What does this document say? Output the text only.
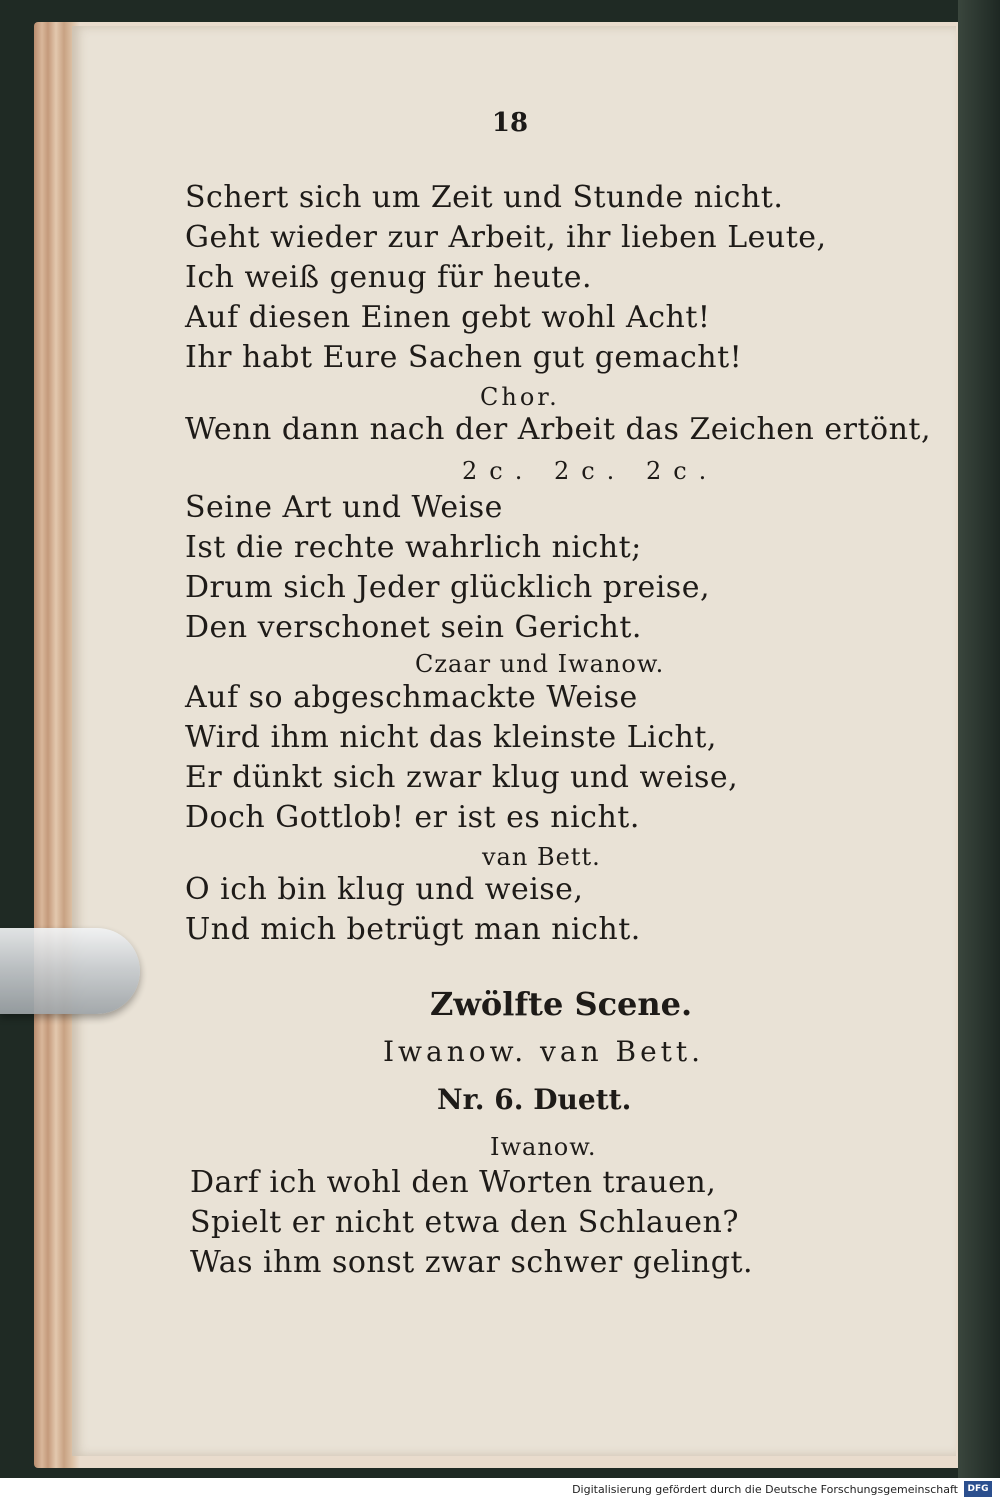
18
Schert sich um Zeit und Stunde nicht.
Geht wieder zur Arbeit, ihr lieben Leute,
Ich weiß genug für heute.
Auf diesen Einen gebt wohl Acht!
Ihr habt Eure Sachen gut gemacht!
Chor.
Wenn dann nach der Arbeit das Zeichen ertönt,
2c. 2c. 2c.
Seine Art und Weise
Ist die rechte wahrlich nicht;
Drum sich Jeder glücklich preise,
Den verschonet sein Gericht.
Czaar und Iwanow.
Auf so abgeschmackte Weise
Wird ihm nicht das kleinste Licht,
Er dünkt sich zwar klug und weise,
Doch Gottlob! er ist es nicht.
van Bett.
O ich bin klug und weise,
Und mich betrügt man nicht.
Zwölfte Scene.
Iwanow. van Bett.
Nr. 6. Duett.
Iwanow.
Darf ich wohl den Worten trauen,
Spielt er nicht etwa den Schlauen?
Was ihm sonst zwar schwer gelingt.
Digitalisierung gefördert durch die Deutsche Forschungsgemeinschaft	DFG
